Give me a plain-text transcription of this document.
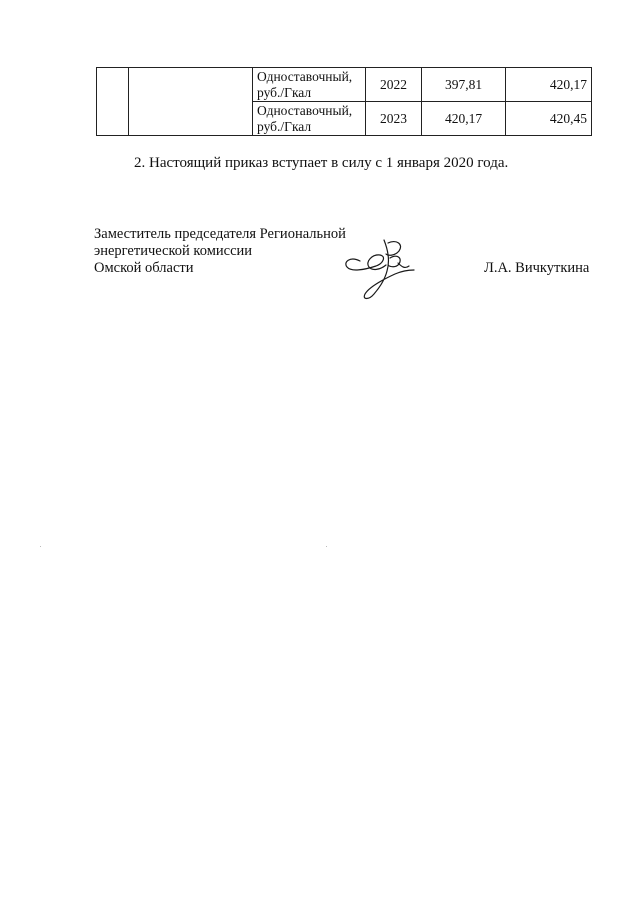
		Одноставочный, руб./Гкал	2022	397,81	420,17
		Одноставочный, руб./Гкал	2023	420,17	420,45
2. Настоящий приказ вступает в силу с 1 января 2020 года.
Заместитель председателя Региональной
энергетической комиссии
Омской области	Л.А. Вичкуткина
